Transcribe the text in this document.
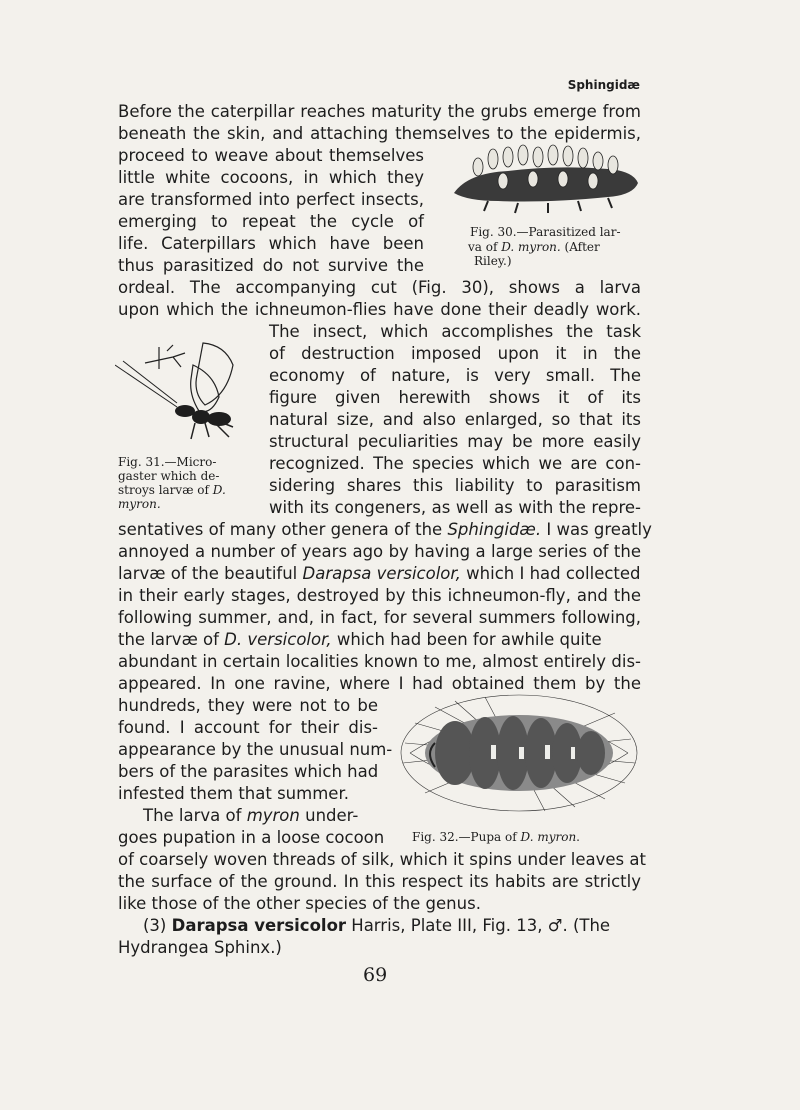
Sphingidæ
Before the caterpillar reaches maturity the grubs emerge from
beneath the skin, and attaching themselves to the epidermis,
proceed to weave about themselves
little white cocoons, in which they
are transformed into perfect insects,
emerging to repeat the cycle of
life. Caterpillars which have been
thus parasitized do not survive the
ordeal. The accompanying cut (Fig. 30), shows a larva
upon which the ichneumon-flies have done their deadly work.
The insect, which accomplishes the task
of destruction imposed upon it in the
economy of nature, is very small. The
figure given herewith shows it of its
natural size, and also enlarged, so that its
structural peculiarities may be more easily
recognized. The species which we are con-
sidering shares this liability to parasitism
with its congeners, as well as with the repre-
sentatives of many other genera of the Sphingidæ. I was greatly
annoyed a number of years ago by having a large series of the
larvæ of the beautiful Darapsa versicolor, which I had collected
in their early stages, destroyed by this ichneumon-fly, and the
following summer, and, in fact, for several summers following,
the larvæ of D. versicolor, which had been for awhile quite
abundant in certain localities known to me, almost entirely dis-
appeared. In one ravine, where I had obtained them by the
hundreds, they were not to be
found. I account for their dis-
appearance by the unusual num-
bers of the parasites which had
infested them that summer.
The larva of myron under-
goes pupation in a loose cocoon
of coarsely woven threads of silk, which it spins under leaves at
the surface of the ground. In this respect its habits are strictly
like those of the other species of the genus.
(3) Darapsa versicolor Harris, Plate III, Fig. 13, ♂. (The
Hydrangea Sphinx.)
Fig. 30.—Parasitized lar-
va of D. myron. (After
Riley.)
Fig. 31.—Micro-
gaster which de-
stroys larvæ of D.
myron.
Fig. 32.—Pupa of D. myron.
69
